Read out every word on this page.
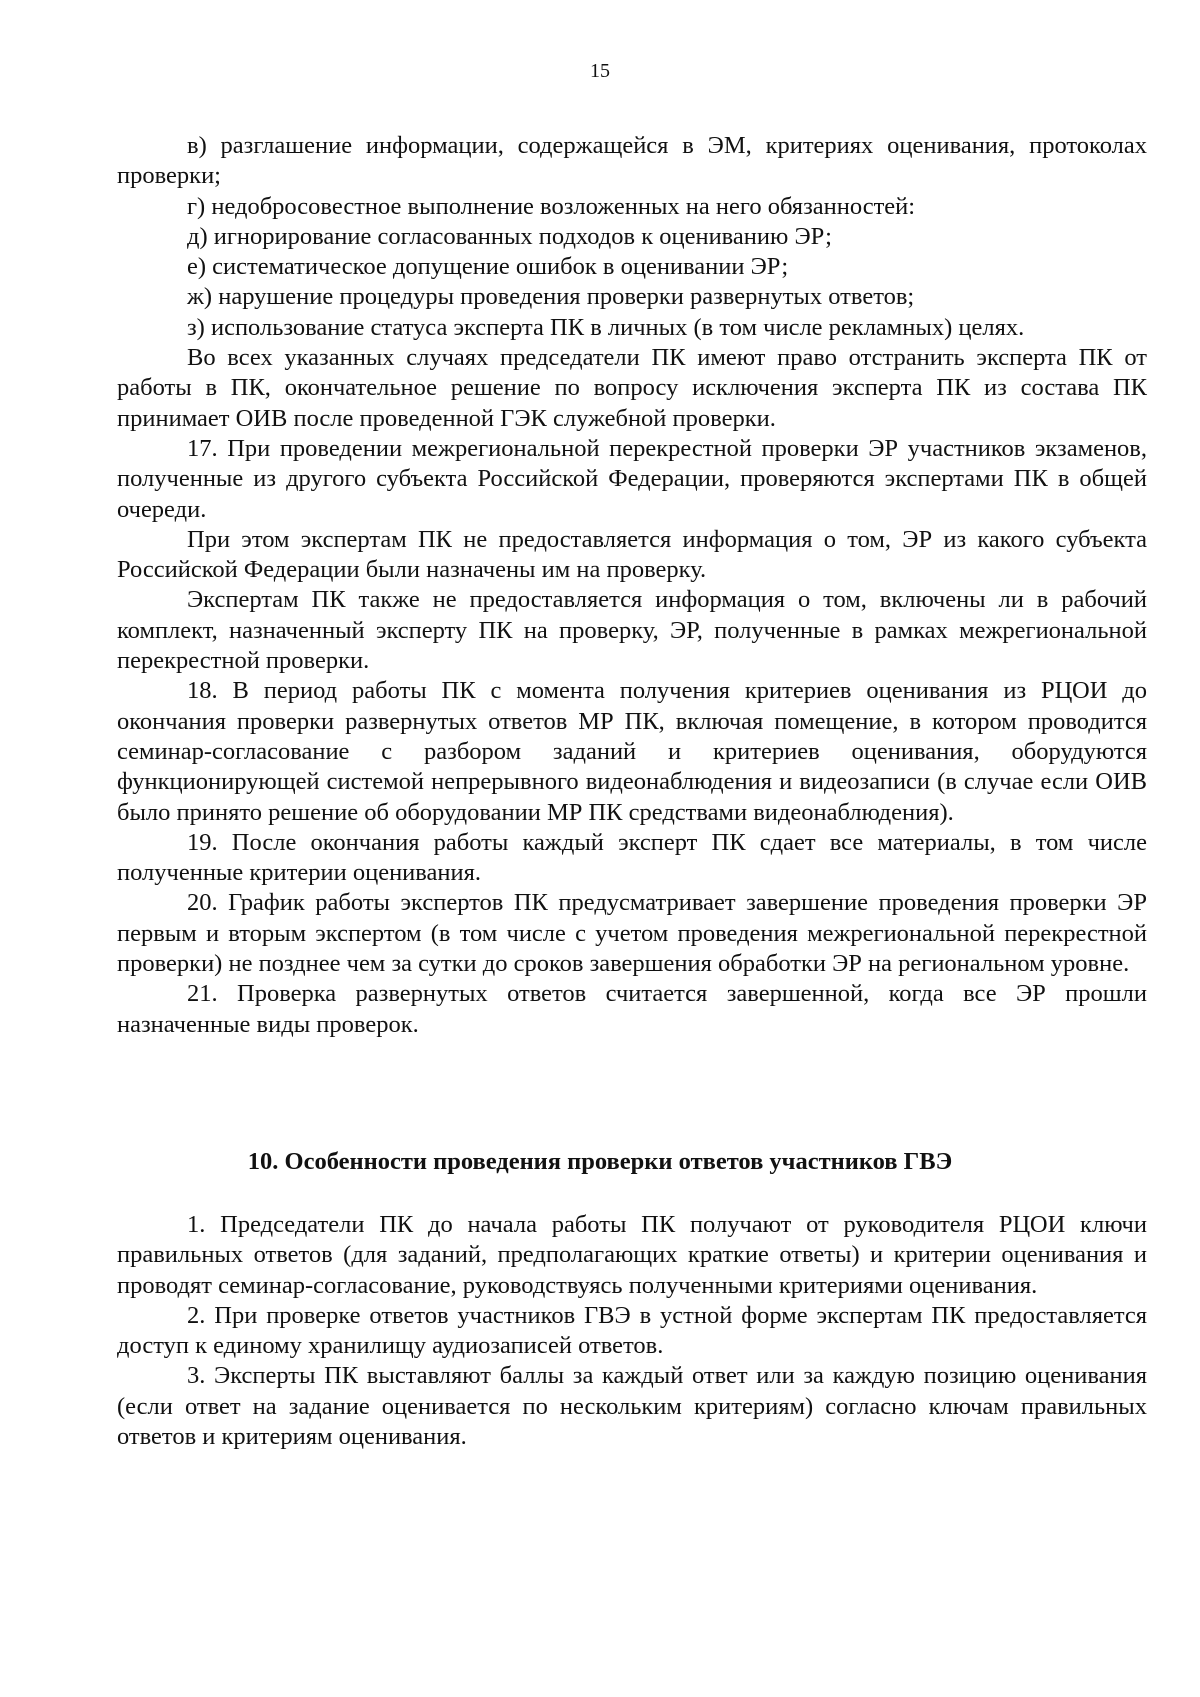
15

в) разглашение информации, содержащейся в ЭМ, критериях оценивания, протоколах проверки;

г) недобросовестное выполнение возложенных на него обязанностей:

д) игнорирование согласованных подходов к оцениванию ЭР;

е) систематическое допущение ошибок в оценивании ЭР;

ж) нарушение процедуры проведения проверки развернутых ответов;

з) использование статуса эксперта ПК в личных (в том числе рекламных) целях.

Во всех указанных случаях председатели ПК имеют право отстранить эксперта ПК от работы в ПК, окончательное решение по вопросу исключения эксперта ПК из состава ПК принимает ОИВ после проведенной ГЭК служебной проверки.

17. При проведении межрегиональной перекрестной проверки ЭР участников экзаменов, полученные из другого субъекта Российской Федерации, проверяются экспертами ПК в общей очереди.

При этом экспертам ПК не предоставляется информация о том, ЭР из какого субъекта Российской Федерации были назначены им на проверку.

Экспертам ПК также не предоставляется информация о том, включены ли в рабочий комплект, назначенный эксперту ПК на проверку, ЭР, полученные в рамках межрегиональной перекрестной проверки.

18. В период работы ПК с момента получения критериев оценивания из РЦОИ до окончания проверки развернутых ответов МР ПК, включая помещение, в котором проводится семинар-согласование с разбором заданий и критериев оценивания, оборудуются функционирующей системой непрерывного видеонаблюдения и видеозаписи (в случае если ОИВ было принято решение об оборудовании МР ПК средствами видеонаблюдения).

19. После окончания работы каждый эксперт ПК сдает все материалы, в том числе полученные критерии оценивания.

20. График работы экспертов ПК предусматривает завершение проведения проверки ЭР первым и вторым экспертом (в том числе с учетом проведения межрегиональной перекрестной проверки) не позднее чем за сутки до сроков завершения обработки ЭР на региональном уровне.

21. Проверка развернутых ответов считается завершенной, когда все ЭР прошли назначенные виды проверок.

10. Особенности проведения проверки ответов участников ГВЭ

1. Председатели ПК до начала работы ПК получают от руководителя РЦОИ ключи правильных ответов (для заданий, предполагающих краткие ответы) и критерии оценивания и проводят семинар-согласование, руководствуясь полученными критериями оценивания.

2. При проверке ответов участников ГВЭ в устной форме экспертам ПК предоставляется доступ к единому хранилищу аудиозаписей ответов.

3. Эксперты ПК выставляют баллы за каждый ответ или за каждую позицию оценивания (если ответ на задание оценивается по нескольким критериям) согласно ключам правильных ответов и критериям оценивания.
